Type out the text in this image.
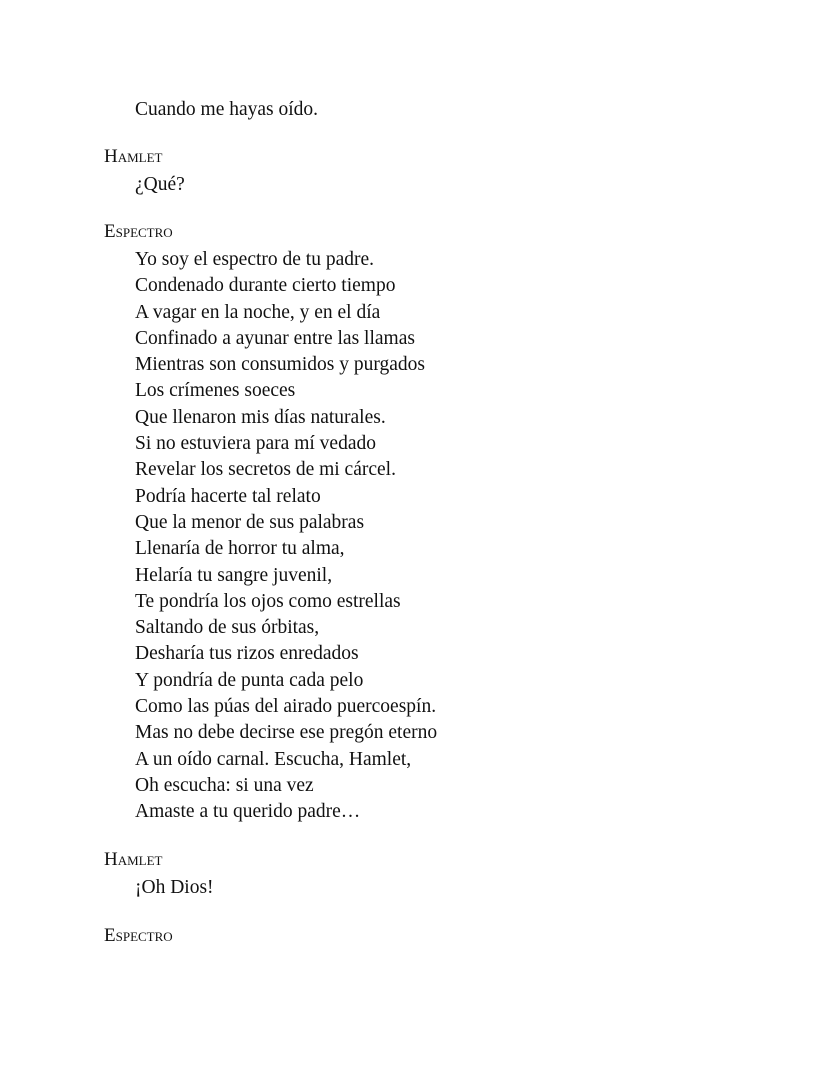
Cuando me hayas oído.
Hamlet
¿Qué?
Espectro
Yo soy el espectro de tu padre.
Condenado durante cierto tiempo
A vagar en la noche, y en el día
Confinado a ayunar entre las llamas
Mientras son consumidos y purgados
Los crímenes soeces
Que llenaron mis días naturales.
Si no estuviera para mí vedado
Revelar los secretos de mi cárcel.
Podría hacerte tal relato
Que la menor de sus palabras
Llenaría de horror tu alma,
Helaría tu sangre juvenil,
Te pondría los ojos como estrellas
Saltando de sus órbitas,
Desharía tus rizos enredados
Y pondría de punta cada pelo
Como las púas del airado puercoespín.
Mas no debe decirse ese pregón eterno
A un oído carnal. Escucha, Hamlet,
Oh escucha: si una vez
Amaste a tu querido padre…
Hamlet
¡Oh Dios!
Espectro
